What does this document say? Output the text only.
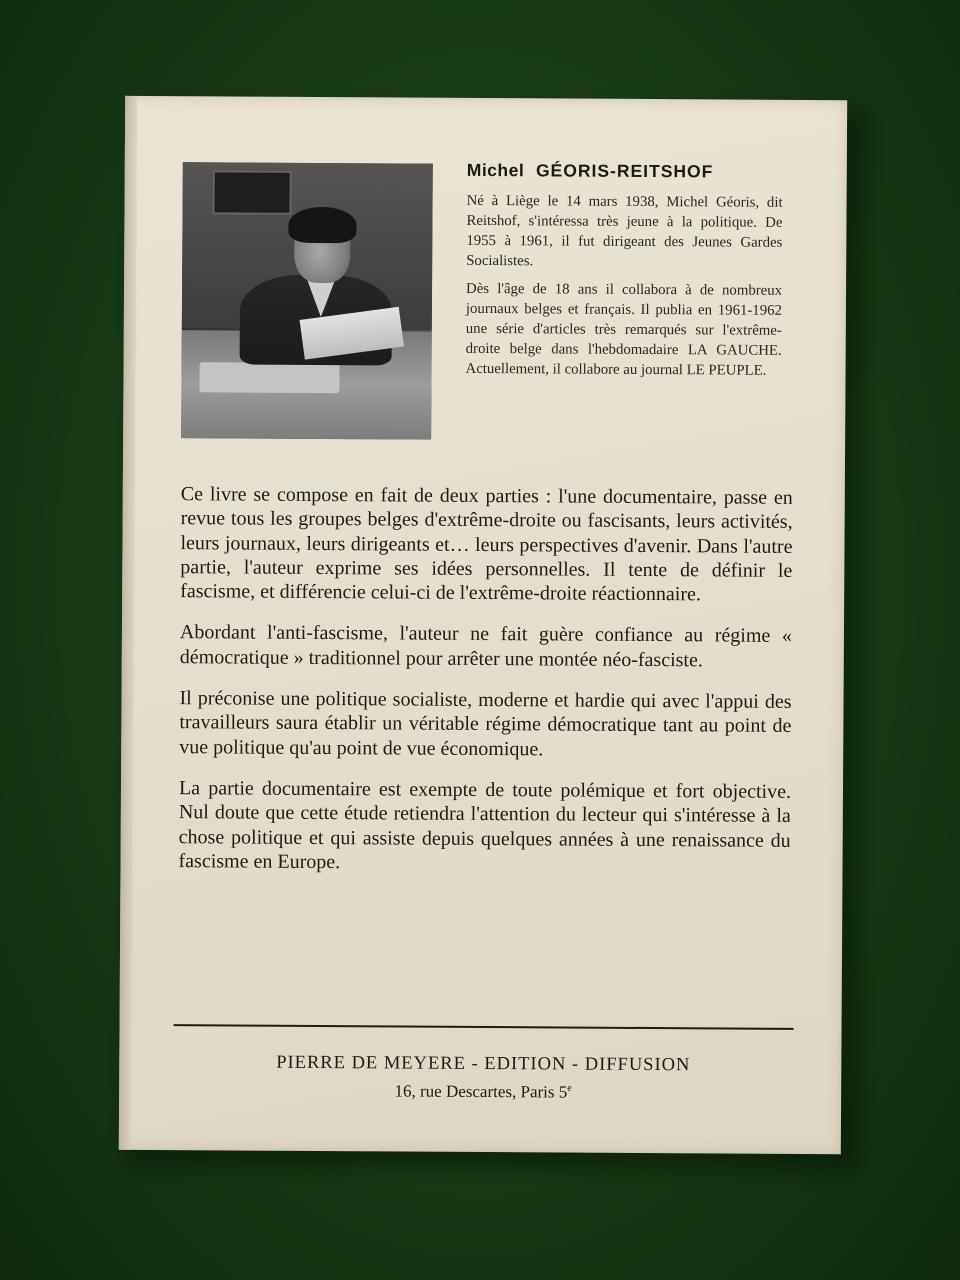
Michel GÉORIS-REITSHOF

Né à Liège le 14 mars 1938, Michel Géoris, dit Reitshof, s'intéressa très jeune à la politique. De 1955 à 1961, il fut dirigeant des Jeunes Gardes Socialistes.

Dès l'âge de 18 ans il collabora à de nombreux journaux belges et français. Il publia en 1961-1962 une série d'articles très remarqués sur l'extrême-droite belge dans l'hebdomadaire LA GAUCHE. Actuellement, il collabore au journal LE PEUPLE.

Ce livre se compose en fait de deux parties : l'une documentaire, passe en revue tous les groupes belges d'extrême-droite ou fascisants, leurs activités, leurs journaux, leurs dirigeants et… leurs perspectives d'avenir. Dans l'autre partie, l'auteur exprime ses idées personnelles. Il tente de définir le fascisme, et différencie celui-ci de l'extrême-droite réactionnaire.

Abordant l'anti-fascisme, l'auteur ne fait guère confiance au régime « démocratique » traditionnel pour arrêter une montée néo-fasciste.

Il préconise une politique socialiste, moderne et hardie qui avec l'appui des travailleurs saura établir un véritable régime démocratique tant au point de vue politique qu'au point de vue économique.

La partie documentaire est exempte de toute polémique et fort objective. Nul doute que cette étude retiendra l'attention du lecteur qui s'intéresse à la chose politique et qui assiste depuis quelques années à une renaissance du fascisme en Europe.

PIERRE DE MEYERE - EDITION - DIFFUSION
16, rue Descartes, Paris 5e
